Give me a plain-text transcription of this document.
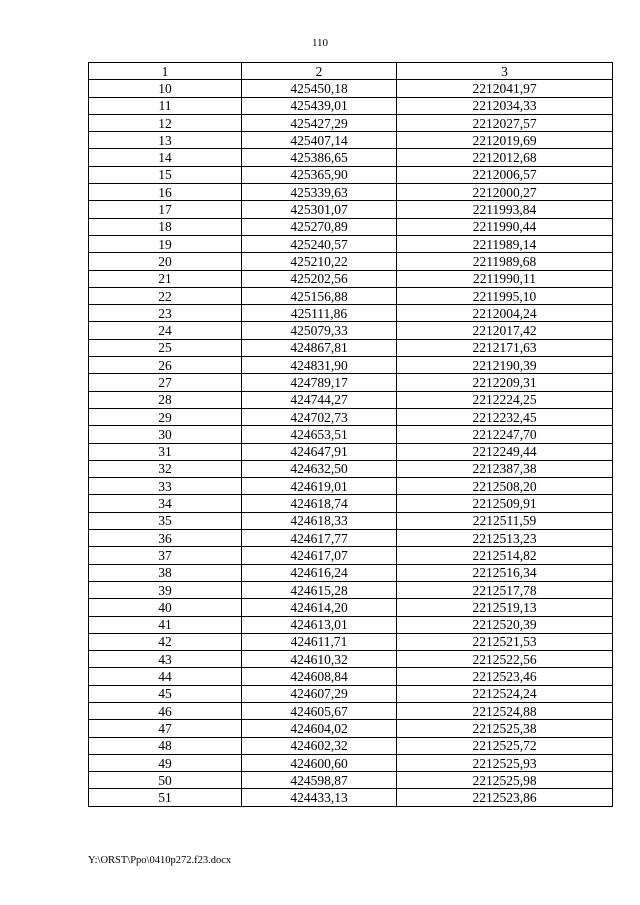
110
1	2	3
10	425450,18	2212041,97
11	425439,01	2212034,33
12	425427,29	2212027,57
13	425407,14	2212019,69
14	425386,65	2212012,68
15	425365,90	2212006,57
16	425339,63	2212000,27
17	425301,07	2211993,84
18	425270,89	2211990,44
19	425240,57	2211989,14
20	425210,22	2211989,68
21	425202,56	2211990,11
22	425156,88	2211995,10
23	425111,86	2212004,24
24	425079,33	2212017,42
25	424867,81	2212171,63
26	424831,90	2212190,39
27	424789,17	2212209,31
28	424744,27	2212224,25
29	424702,73	2212232,45
30	424653,51	2212247,70
31	424647,91	2212249,44
32	424632,50	2212387,38
33	424619,01	2212508,20
34	424618,74	2212509,91
35	424618,33	2212511,59
36	424617,77	2212513,23
37	424617,07	2212514,82
38	424616,24	2212516,34
39	424615,28	2212517,78
40	424614,20	2212519,13
41	424613,01	2212520,39
42	424611,71	2212521,53
43	424610,32	2212522,56
44	424608,84	2212523,46
45	424607,29	2212524,24
46	424605,67	2212524,88
47	424604,02	2212525,38
48	424602,32	2212525,72
49	424600,60	2212525,93
50	424598,87	2212525,98
51	424433,13	2212523,86
Y:\ORST\Ppo\0410p272.f23.docx
